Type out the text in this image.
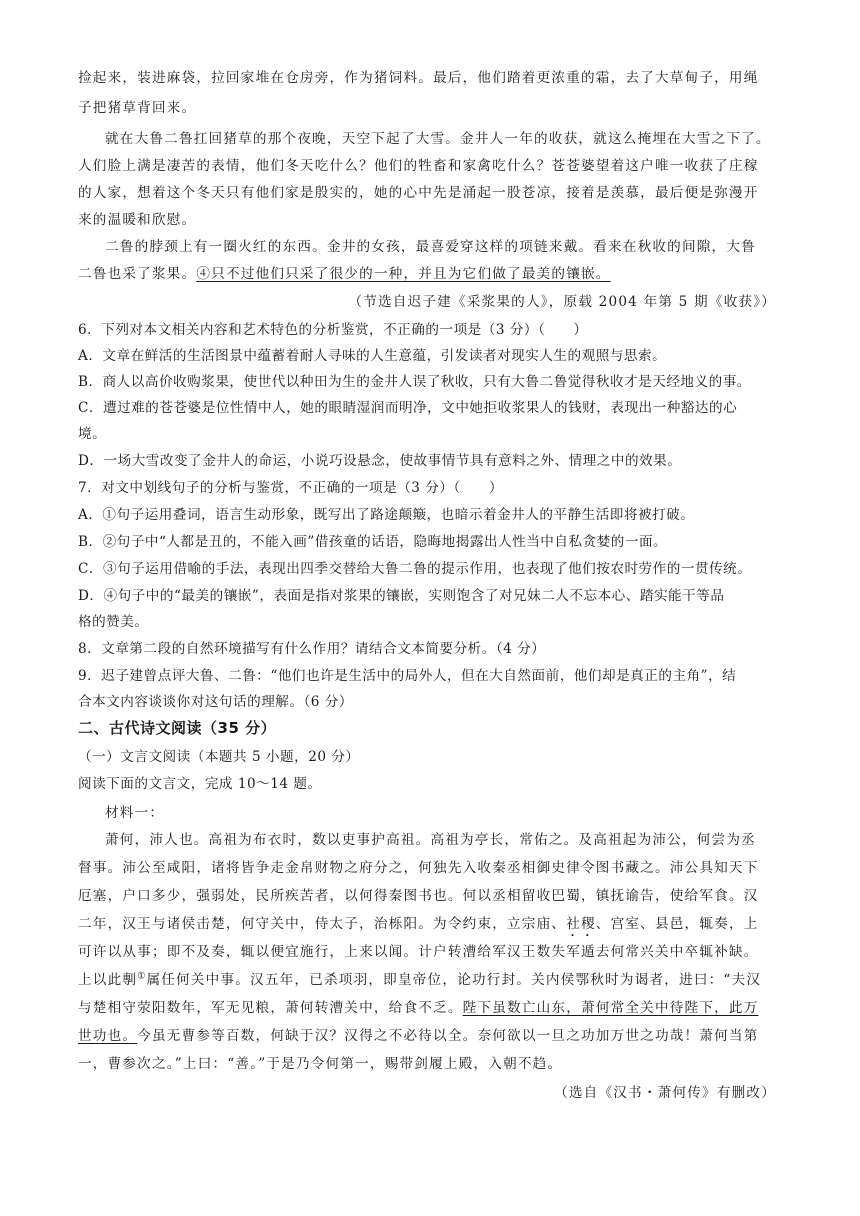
捡起来，装进麻袋，拉回家堆在仓房旁，作为猪饲料。最后，他们踏着更浓重的霜，去了大草甸子，用绳
子把猪草背回来。
就在大鲁二鲁扛回猪草的那个夜晚，天空下起了大雪。金井人一年的收获，就这么掩埋在大雪之下了。
人们脸上满是凄苦的表情，他们冬天吃什么？他们的牲畜和家禽吃什么？苍苍婆望着这户唯一收获了庄稼
的人家，想着这个冬天只有他们家是殷实的，她的心中先是涌起一股苍凉，接着是羡慕，最后便是弥漫开
来的温暖和欣慰。
二鲁的脖颈上有一圈火红的东西。金井的女孩，最喜爱穿这样的项链来戴。看来在秋收的间隙，大鲁
二鲁也采了浆果。④只不过他们只采了很少的一种，并且为它们做了最美的镶嵌。
（节选自迟子建《采浆果的人》，原载 2004 年第 5 期《收获》）
6．下列对本文相关内容和艺术特色的分析鉴赏，不正确的一项是（3 分）（　　）
A．文章在鲜活的生活图景中蕴蓄着耐人寻味的人生意蕴，引发读者对现实人生的观照与思索。
B．商人以高价收购浆果，使世代以种田为生的金井人误了秋收，只有大鲁二鲁觉得秋收才是天经地义的事。
C．遭过难的苍苍婆是位性情中人，她的眼睛湿润而明净，文中她拒收浆果人的钱财，表现出一种豁达的心
境。
D．一场大雪改变了金井人的命运，小说巧设悬念，使故事情节具有意料之外、情理之中的效果。
7．对文中划线句子的分析与鉴赏，不正确的一项是（3 分）（　　）
A．①句子运用叠词，语言生动形象，既写出了路途颠簸，也暗示着金井人的平静生活即将被打破。
B．②句子中“人都是丑的，不能入画”借孩童的话语，隐晦地揭露出人性当中自私贪婪的一面。
C．③句子运用借喻的手法，表现出四季交替给大鲁二鲁的提示作用，也表现了他们按农时劳作的一贯传统。
D．④句子中的“最美的镶嵌”，表面是指对浆果的镶嵌，实则饱含了对兄妹二人不忘本心、踏实能干等品
格的赞美。
8．文章第二段的自然环境描写有什么作用？请结合文本简要分析。（4 分）
9．迟子建曾点评大鲁、二鲁：“他们也许是生活中的局外人，但在大自然面前，他们却是真正的主角”，结
合本文内容谈谈你对这句话的理解。（6 分）
二、古代诗文阅读（35 分）
（一）文言文阅读（本题共 5 小题，20 分）
阅读下面的文言文，完成 10～14 题。
材料一：
萧何，沛人也。高祖为布衣时，数以吏事护高祖。高祖为亭长，常佑之。及高祖起为沛公，何尝为丞
督事。沛公至咸阳，诸将皆争走金帛财物之府分之，何独先入收秦丞相御史律令图书藏之。沛公具知天下
厄塞，户口多少，强弱处，民所疾苦者，以何得秦图书也。何以丞相留收巴蜀，镇抚谕告，使给军食。汉
二年，汉王与诸侯击楚，何守关中，侍太子，治栎阳。为令约束，立宗庙、社稷、宫室、县邑，辄奏，上
可许以从事；即不及奏，辄以便宜施行，上来以闻。计户转漕给军汉王数失军遁去何常兴关中卒辄补缺。
上以此剸①属任何关中事。汉五年，已杀项羽，即皇帝位，论功行封。关内侯鄂秋时为谒者，进曰：“夫汉
与楚相守荥阳数年，军无见粮，萧何转漕关中，给食不乏。陛下虽数亡山东，萧何常全关中待陛下，此万
世功也。今虽无曹参等百数，何缺于汉？汉得之不必待以全。奈何欲以一旦之功加万世之功哉！萧何当第
一，曹参次之。”上曰：“善。”于是乃令何第一，赐带剑履上殿，入朝不趋。
（选自《汉书・萧何传》有删改）
